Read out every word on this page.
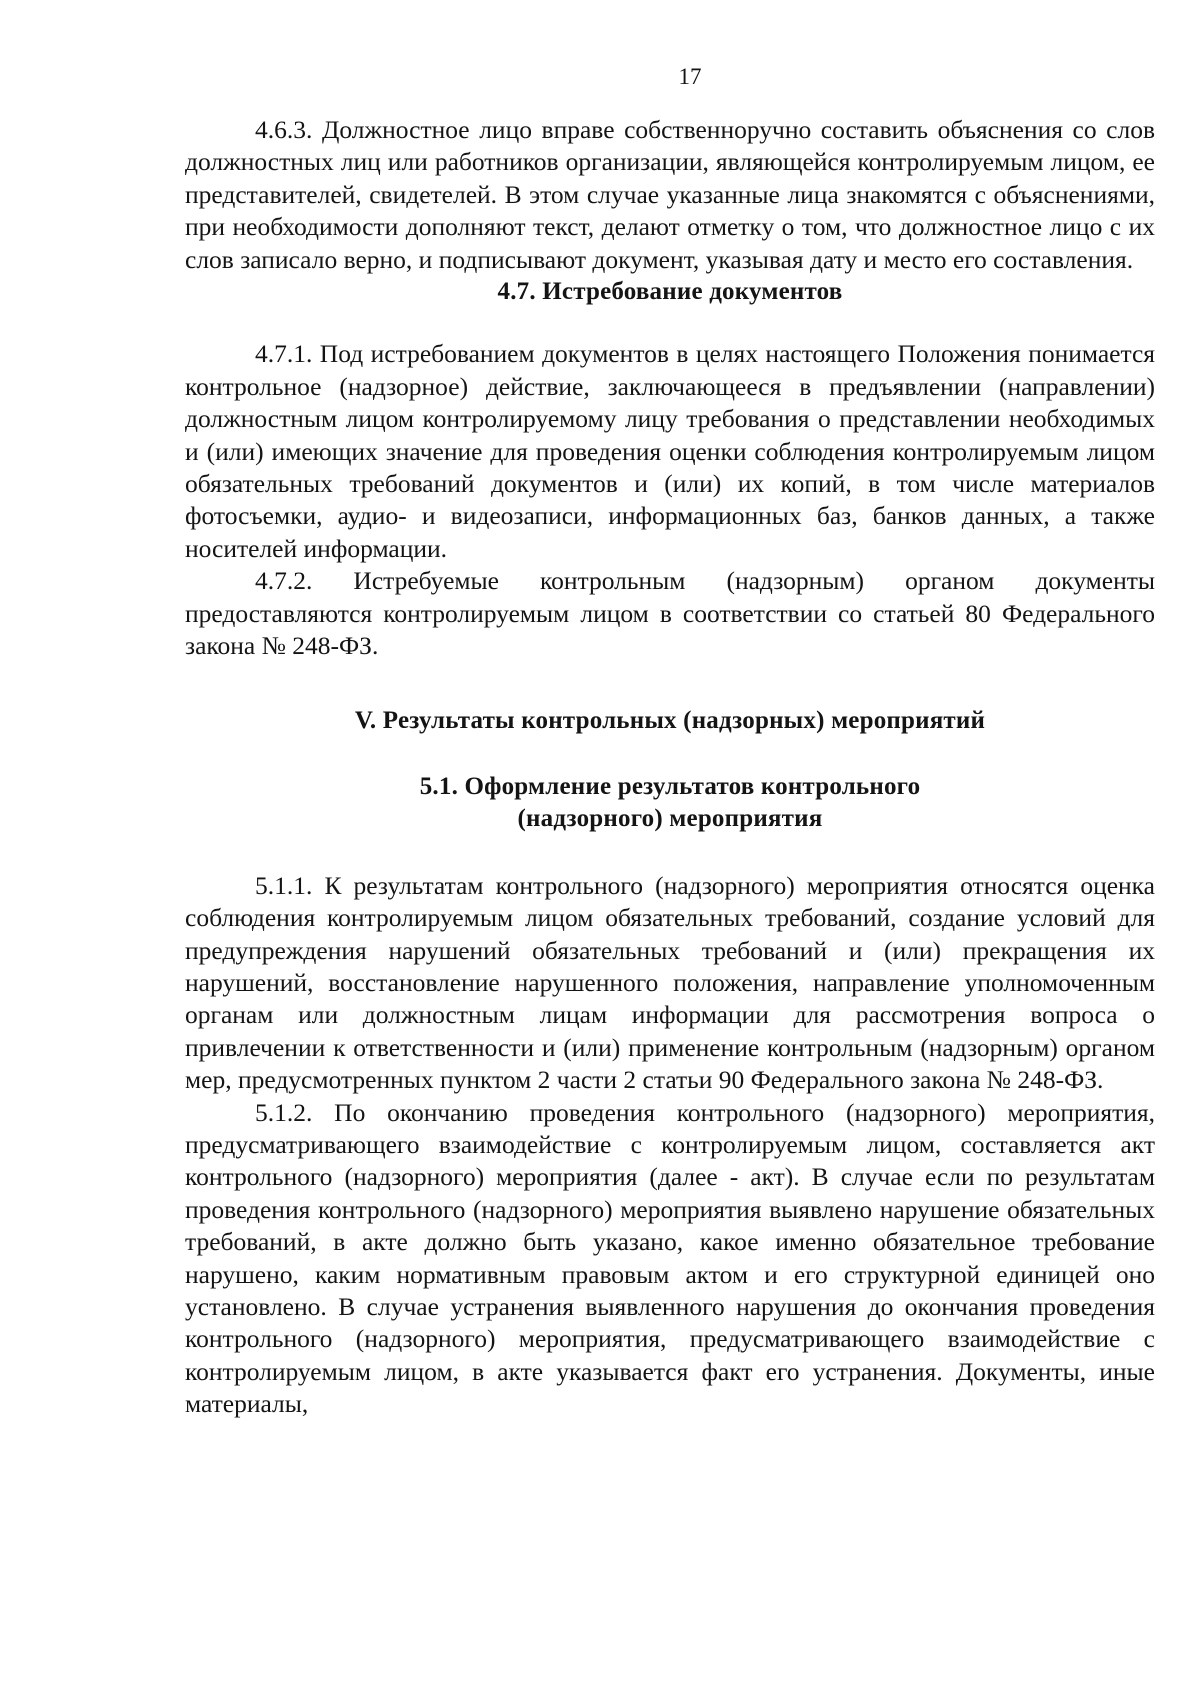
17

4.6.3. Должностное лицо вправе собственноручно составить объяснения со слов должностных лиц или работников организации, являющейся контролируемым лицом, ее представителей, свидетелей. В этом случае указанные лица знакомятся с объяснениями, при необходимости дополняют текст, делают отметку о том, что должностное лицо с их слов записало верно, и подписывают документ, указывая дату и место его составления.

4.7. Истребование документов

4.7.1. Под истребованием документов в целях настоящего Положения понимается контрольное (надзорное) действие, заключающееся в предъявлении (направлении) должностным лицом контролируемому лицу требования о представлении необходимых и (или) имеющих значение для проведения оценки соблюдения контролируемым лицом обязательных требований документов и (или) их копий, в том числе материалов фотосъемки, аудио- и видеозаписи, информационных баз, банков данных, а также носителей информации.

4.7.2. Истребуемые контрольным (надзорным) органом документы предоставляются контролируемым лицом в соответствии со статьей 80 Федерального закона № 248-ФЗ.

V. Результаты контрольных (надзорных) мероприятий
5.1. Оформление результатов контрольного
(надзорного) мероприятия

5.1.1. К результатам контрольного (надзорного) мероприятия относятся оценка соблюдения контролируемым лицом обязательных требований, создание условий для предупреждения нарушений обязательных требований и (или) прекращения их нарушений, восстановление нарушенного положения, направление уполномоченным органам или должностным лицам информации для рассмотрения вопроса о привлечении к ответственности и (или) применение контрольным (надзорным) органом мер, предусмотренных пунктом 2 части 2 статьи 90 Федерального закона № 248-ФЗ.

5.1.2. По окончанию проведения контрольного (надзорного) мероприятия, предусматривающего взаимодействие с контролируемым лицом, составляется акт контрольного (надзорного) мероприятия (далее - акт). В случае если по результатам проведения контрольного (надзорного) мероприятия выявлено нарушение обязательных требований, в акте должно быть указано, какое именно обязательное требование нарушено, каким нормативным правовым актом и его структурной единицей оно установлено. В случае устранения выявленного нарушения до окончания проведения контрольного (надзорного) мероприятия, предусматривающего взаимодействие с контролируемым лицом, в акте указывается факт его устранения. Документы, иные материалы,
